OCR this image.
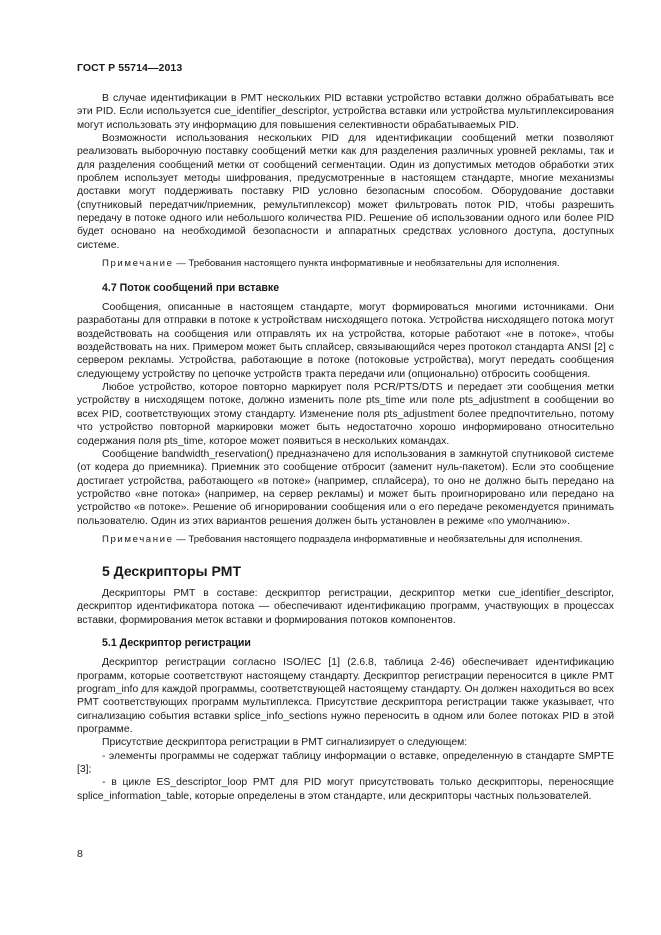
ГОСТ Р 55714—2013

В случае идентификации в PMT нескольких PID вставки устройство вставки должно обрабатывать все эти PID. Если используется cue_identifier_descriptor, устройства вставки или устройства мультиплексирования могут использовать эту информацию для повышения селективности обрабатываемых PID.

Возможности использования нескольких PID для идентификации сообщений метки позволяют реализовать выборочную поставку сообщений метки как для разделения различных уровней рекламы, так и для разделения сообщений метки от сообщений сегментации. Один из допустимых методов обработки этих проблем использует методы шифрования, предусмотренные в настоящем стандарте, многие механизмы доставки могут поддерживать поставку PID условно безопасным способом. Оборудование доставки (спутниковый передатчик/приемник, ремультиплексор) может фильтровать поток PID, чтобы разрешить передачу в потоке одного или небольшого количества PID. Решение об использовании одного или более PID будет основано на необходимой безопасности и аппаратных средствах условного доступа, доступных системе.

Примечание — Требования настоящего пункта информативные и необязательны для исполнения.

4.7 Поток сообщений при вставке

Сообщения, описанные в настоящем стандарте, могут формироваться многими источниками. Они разработаны для отправки в потоке к устройствам нисходящего потока. Устройства нисходящего потока могут воздействовать на сообщения или отправлять их на устройства, которые работают «не в потоке», чтобы воздействовать на них. Примером может быть сплайсер, связывающийся через протокол стандарта ANSI [2] с сервером рекламы. Устройства, работающие в потоке (потоковые устройства), могут передать сообщения следующему устройству по цепочке устройств тракта передачи или (опционально) отбросить сообщения.

Любое устройство, которое повторно маркирует поля PCR/PTS/DTS и передает эти сообщения метки устройству в нисходящем потоке, должно изменить поле pts_time или поле pts_adjustment в сообщении во всех PID, соответствующих этому стандарту. Изменение поля pts_adjustment более предпочтительно, потому что устройство повторной маркировки может быть недостаточно хорошо информировано относительно содержания поля pts_time, которое может появиться в нескольких командах.

Сообщение bandwidth_reservation() предназначено для использования в замкнутой спутниковой системе (от кодера до приемника). Приемник это сообщение отбросит (заменит нуль-пакетом). Если это сообщение достигает устройства, работающего «в потоке» (например, сплайсера), то оно не должно быть передано на устройство «вне потока» (например, на сервер рекламы) и может быть проигнорировано или передано на устройство «в потоке». Решение об игнорировании сообщения или о его передаче рекомендуется принимать пользователю. Один из этих вариантов решения должен быть установлен в режиме «по умолчанию».

Примечание — Требования настоящего подраздела информативные и необязательны для исполнения.

5 Дескрипторы PMT

Дескрипторы PMT в составе: дескриптор регистрации, дескриптор метки cue_identifier_descriptor, дескриптор идентификатора потока — обеспечивают идентификацию программ, участвующих в процессах вставки, формирования меток вставки и формирования потоков компонентов.

5.1 Дескриптор регистрации

Дескриптор регистрации согласно ISO/IEC [1] (2.6.8, таблица 2-46) обеспечивает идентификацию программ, которые соответствуют настоящему стандарту. Дескриптор регистрации переносится в цикле PMT program_info для каждой программы, соответствующей настоящему стандарту. Он должен находиться во всех PMT соответствующих программ мультиплекса. Присутствие дескриптора регистрации также указывает, что сигнализацию события вставки splice_info_sections нужно переносить в одном или более потоках PID в этой программе.

Присутствие дескриптора регистрации в PMT сигнализирует о следующем:

- элементы программы не содержат таблицу информации о вставке, определенную в стандарте SMPTE [3];

- в цикле ES_descriptor_loop PMT для PID могут присутствовать только дескрипторы, переносящие splice_information_table, которые определены в этом стандарте, или дескрипторы частных пользователей.

8
